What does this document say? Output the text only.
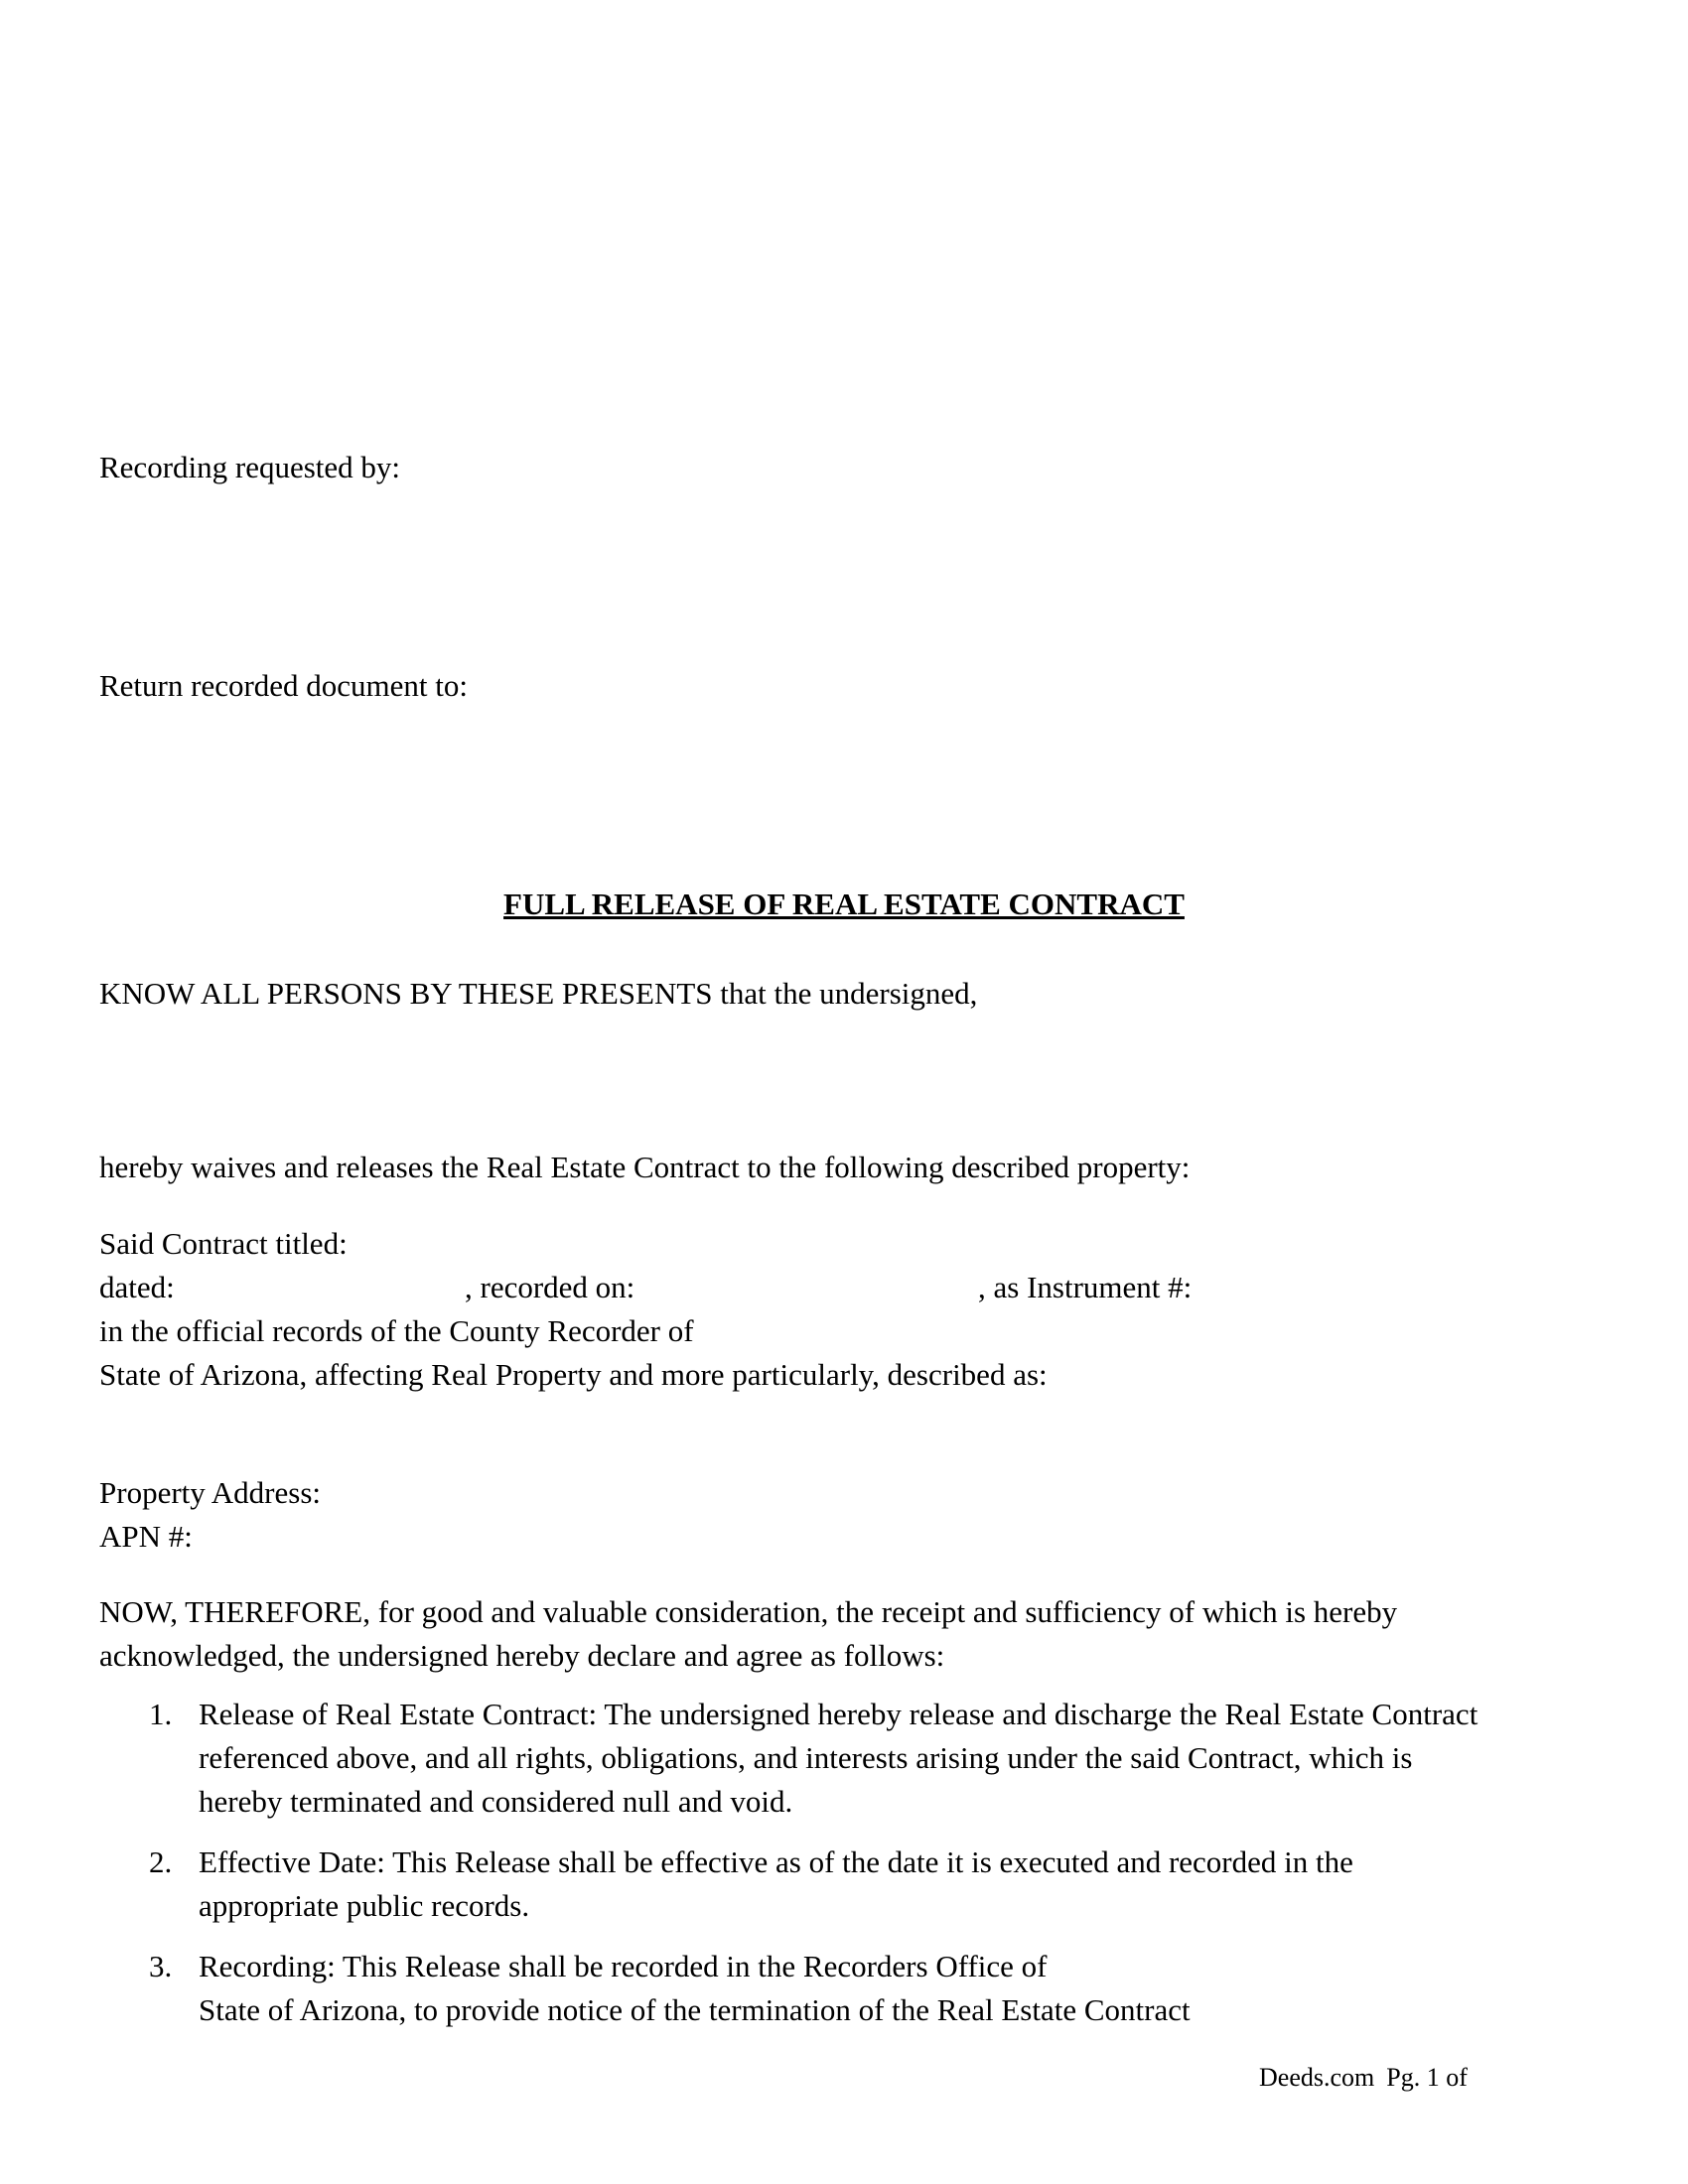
Recording requested by:
Return recorded document to:
FULL RELEASE OF REAL ESTATE CONTRACT
KNOW ALL PERSONS BY THESE PRESENTS that the undersigned,
hereby waives and releases the Real Estate Contract to the following described property:
Said Contract titled:
dated:	, recorded on:	, as Instrument #:
in the official records of the County Recorder of
State of Arizona, affecting Real Property and more particularly, described as:
Property Address:
APN #:
NOW, THEREFORE, for good and valuable consideration, the receipt and sufficiency of which is hereby
acknowledged, the undersigned hereby declare and agree as follows:
1. Release of Real Estate Contract: The undersigned hereby release and discharge the Real Estate Contract
referenced above, and all rights, obligations, and interests arising under the said Contract, which is
hereby terminated and considered null and void.
2. Effective Date: This Release shall be effective as of the date it is executed and recorded in the
appropriate public records.
3. Recording: This Release shall be recorded in the Recorders Office of
State of Arizona, to provide notice of the termination of the Real Estate Contract
Deeds.com Pg. 1 of
